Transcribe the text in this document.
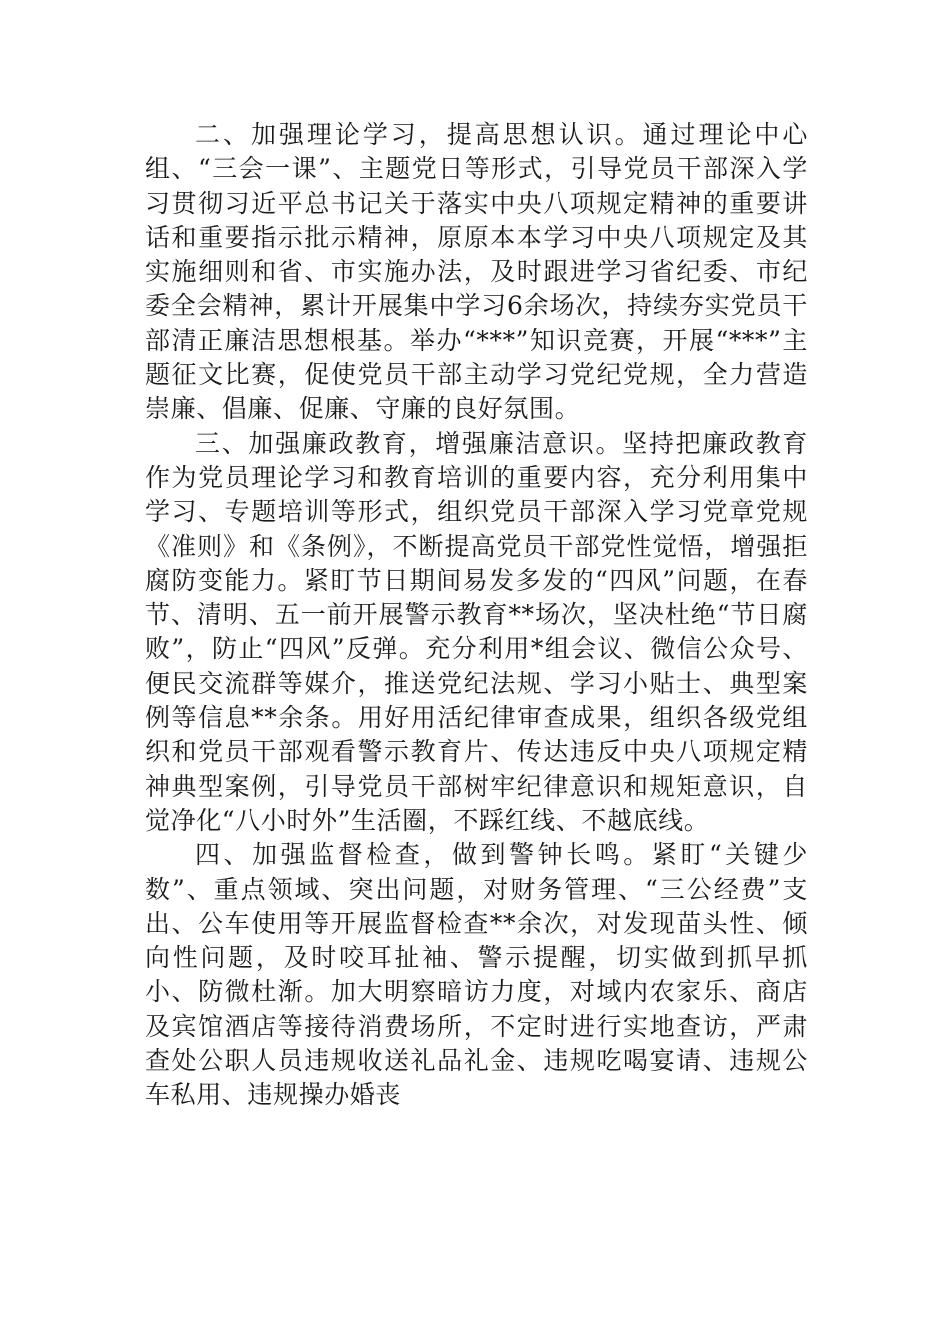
二、加强理论学习，提高思想认识。通过理论中心组、“三会一课”、主题党日等形式，引导党员干部深入学习贯彻习近平总书记关于落实中央八项规定精神的重要讲话和重要指示批示精神，原原本本学习中央八项规定及其实施细则和省、市实施办法，及时跟进学习省纪委、市纪委全会精神，累计开展集中学习6余场次，持续夯实党员干部清正廉洁思想根基。举办“***”知识竞赛，开展“***”主题征文比赛，促使党员干部主动学习党纪党规，全力营造崇廉、倡廉、促廉、守廉的良好氛围。

三、加强廉政教育，增强廉洁意识。坚持把廉政教育作为党员理论学习和教育培训的重要内容，充分利用集中学习、专题培训等形式，组织党员干部深入学习党章党规《准则》和《条例》，不断提高党员干部党性觉悟，增强拒腐防变能力。紧盯节日期间易发多发的“四风”问题，在春节、清明、五一前开展警示教育**场次，坚决杜绝“节日腐败”，防止“四风”反弹。充分利用*组会议、微信公众号、便民交流群等媒介，推送党纪法规、学习小贴士、典型案例等信息**余条。用好用活纪律审查成果，组织各级党组织和党员干部观看警示教育片、传达违反中央八项规定精神典型案例，引导党员干部树牢纪律意识和规矩意识，自觉净化“八小时外”生活圈，不踩红线、不越底线。

四、加强监督检查，做到警钟长鸣。紧盯“关键少数”、重点领域、突出问题，对财务管理、“三公经费”支出、公车使用等开展监督检查**余次，对发现苗头性、倾向性问题，及时咬耳扯袖、警示提醒，切实做到抓早抓小、防微杜渐。加大明察暗访力度，对域内农家乐、商店及宾馆酒店等接待消费场所，不定时进行实地查访，严肃查处公职人员违规收送礼品礼金、违规吃喝宴请、违规公车私用、违规操办婚丧
